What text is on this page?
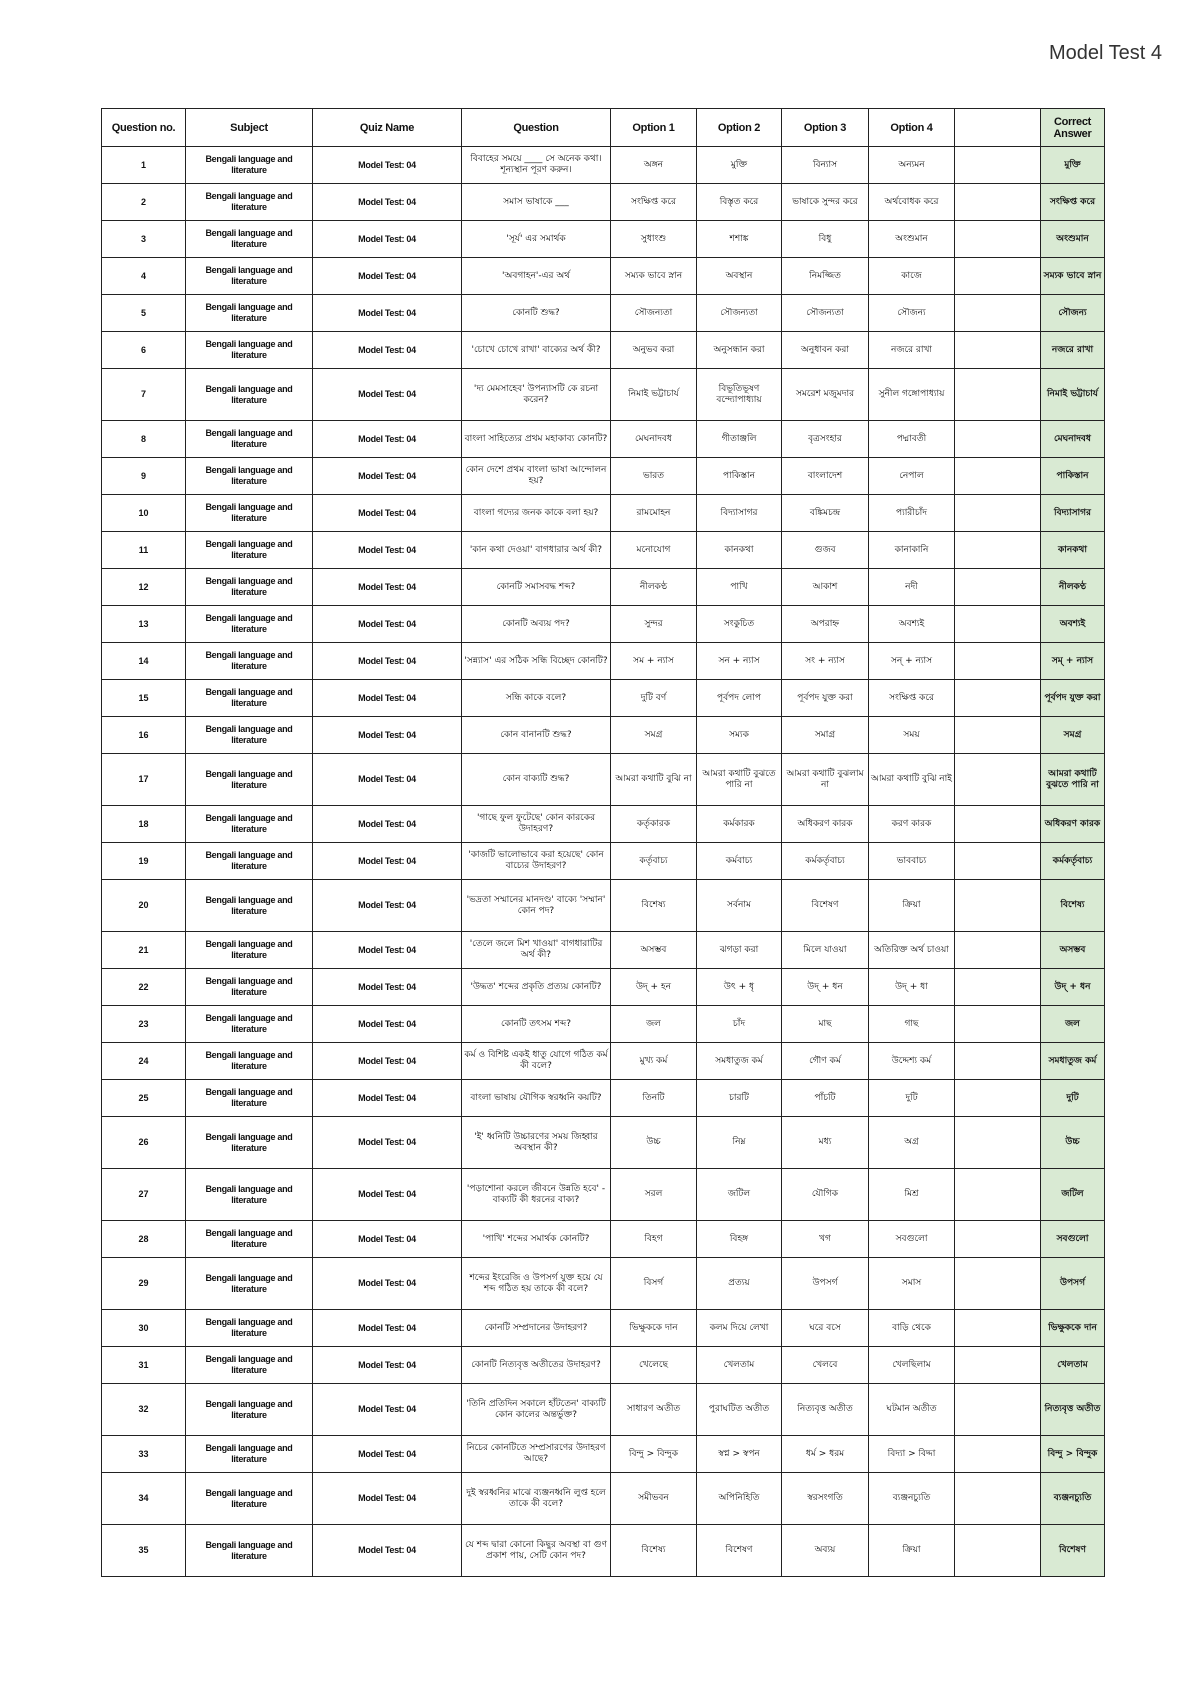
Model Test 4
Question no.	Subject	Quiz Name	Question	Option 1	Option 2	Option 3	Option 4		Correct Answer
1	Bengali language and literature	Model Test: 04	বিবাহের সময়ে ____ সে অনেক কথা। শূন্যস্থান পূরণ করুন।	অঙ্গন	মুক্তি	বিন্যাস	অন্যমন		মুক্তি
2	Bengali language and literature	Model Test: 04	সমাস ভাষাকে ___	সংক্ষিপ্ত করে	বিস্তৃত করে	ভাষাকে সুন্দর করে	অর্থবোধক করে		সংক্ষিপ্ত করে
3	Bengali language and literature	Model Test: 04	'সূর্য' এর সমার্থক	সুধাংশু	শশাঙ্ক	বিধু	অংশুমান		অংশুমান
4	Bengali language and literature	Model Test: 04	'অবগাহন'-এর অর্থ	সম্যক ভাবে স্নান	অবস্থান	নিমজ্জিত	কাজে		সম্যক ভাবে স্নান
5	Bengali language and literature	Model Test: 04	কোনটি শুদ্ধ?	সৌজন্যতা	সৌজন্যতা	সৌজন্যতা	সৌজন্য		সৌজন্য
6	Bengali language and literature	Model Test: 04	'চোখে চোখে রাখা' বাক্যের অর্থ কী?	অনুভব করা	অনুসন্ধান করা	অনুধাবন করা	নজরে রাখা		নজরে রাখা
7	Bengali language and literature	Model Test: 04	'দ্য মেমসাহেব' উপন্যাসটি কে রচনা করেন?	নিমাই ভট্টাচার্য	বিভূতিভূষণ বন্দ্যোপাধ্যায়	সমরেশ মজুমদার	সুনীল গঙ্গোপাধ্যায়		নিমাই ভট্টাচার্য
8	Bengali language and literature	Model Test: 04	বাংলা সাহিত্যের প্রথম মহাকাব্য কোনটি?	মেঘনাদবধ	গীতাঞ্জলি	বৃত্রসংহার	পদ্মাবতী		মেঘনাদবধ
9	Bengali language and literature	Model Test: 04	কোন দেশে প্রথম বাংলা ভাষা আন্দোলন হয়?	ভারত	পাকিস্তান	বাংলাদেশ	নেপাল		পাকিস্তান
10	Bengali language and literature	Model Test: 04	বাংলা গদ্যের জনক কাকে বলা হয়?	রামমোহন	বিদ্যাসাগর	বঙ্কিমচন্দ্র	প্যারীচাঁদ		বিদ্যাসাগর
11	Bengali language and literature	Model Test: 04	'কান কথা দেওয়া' বাগধারার অর্থ কী?	মনোযোগ	কানকথা	গুজব	কানাকানি		কানকথা
12	Bengali language and literature	Model Test: 04	কোনটি সমাসবদ্ধ শব্দ?	নীলকণ্ঠ	পাখি	আকাশ	নদী		নীলকণ্ঠ
13	Bengali language and literature	Model Test: 04	কোনটি অব্যয় পদ?	সুন্দর	সংকুচিত	অপরাহ্ন	অবশ্যই		অবশ্যই
14	Bengali language and literature	Model Test: 04	'সন্ন্যাস' এর সঠিক সন্ধি বিচ্ছেদ কোনটি?	সম + ন্যাস	সন + ন্যাস	সং + ন্যাস	সন্ + ন্যাস		সম্ + ন্যাস
15	Bengali language and literature	Model Test: 04	সন্ধি কাকে বলে?	দুটি বর্ণ	পূর্বপদ লোপ	পূর্বপদ যুক্ত করা	সংক্ষিপ্ত করে		পূর্বপদ যুক্ত করা
16	Bengali language and literature	Model Test: 04	কোন বানানটি শুদ্ধ?	সমগ্র	সম্যক	সমাগ্র	সময়		সমগ্র
17	Bengali language and literature	Model Test: 04	কোন বাক্যটি শুদ্ধ?	আমরা কথাটি বুঝি না	আমরা কথাটি বুঝতে পারি না	আমরা কথাটি বুঝলাম না	আমরা কথাটি বুঝি নাই		আমরা কথাটি বুঝতে পারি না
18	Bengali language and literature	Model Test: 04	'গাছে ফুল ফুটেছে' কোন কারকের উদাহরণ?	কর্তৃকারক	কর্মকারক	অধিকরণ কারক	করণ কারক		অধিকরণ কারক
19	Bengali language and literature	Model Test: 04	'কাজটি ভালোভাবে করা হয়েছে' কোন বাচ্যের উদাহরণ?	কর্তৃবাচ্য	কর্মবাচ্য	কর্মকর্তৃবাচ্য	ভাববাচ্য		কর্মকর্তৃবাচ্য
20	Bengali language and literature	Model Test: 04	'ভদ্রতা সম্মানের মানদণ্ড' বাক্যে 'সম্মান' কোন পদ?	বিশেষ্য	সর্বনাম	বিশেষণ	ক্রিয়া		বিশেষ্য
21	Bengali language and literature	Model Test: 04	'তেলে জলে মিশ খাওয়া' বাগধারাটির অর্থ কী?	অসম্ভব	ঝগড়া করা	মিলে যাওয়া	অতিরিক্ত অর্থ চাওয়া		অসম্ভব
22	Bengali language and literature	Model Test: 04	'উদ্ধত' শব্দের প্রকৃতি প্রত্যয় কোনটি?	উদ্ + হন	উৎ + ধৃ	উদ্ + ধন	উদ্ + ধা		উদ্ + ধন
23	Bengali language and literature	Model Test: 04	কোনটি তৎসম শব্দ?	জল	চাঁদ	মাছ	গাছ		জল
24	Bengali language and literature	Model Test: 04	কর্ম ও বিশিষ্ট একই ধাতু যোগে গঠিত কর্ম কী বলে?	মুখ্য কর্ম	সমধাতুজ কর্ম	গৌণ কর্ম	উদ্দেশ্য কর্ম		সমধাতুজ কর্ম
25	Bengali language and literature	Model Test: 04	বাংলা ভাষায় যৌগিক স্বরধ্বনি কয়টি?	তিনটি	চারটি	পাঁচটি	দুটি		দুটি
26	Bengali language and literature	Model Test: 04	'ই' ধ্বনিটি উচ্চারণের সময় জিহ্বার অবস্থান কী?	উচ্চ	নিম্ন	মধ্য	অগ্র		উচ্চ
27	Bengali language and literature	Model Test: 04	'পড়াশোনা করলে জীবনে উন্নতি হবে' - বাক্যটি কী ধরনের বাক্য?	সরল	জটিল	যৌগিক	মিশ্র		জটিল
28	Bengali language and literature	Model Test: 04	'পাখি' শব্দের সমার্থক কোনটি?	বিহগ	বিহঙ্গ	খগ	সবগুলো		সবগুলো
29	Bengali language and literature	Model Test: 04	শব্দের ইংরেজি ও উপসর্গ যুক্ত হয়ে যে শব্দ গঠিত হয় তাকে কী বলে?	বিসর্গ	প্রত্যয়	উপসর্গ	সমাস		উপসর্গ
30	Bengali language and literature	Model Test: 04	কোনটি সম্প্রদানের উদাহরণ?	ভিক্ষুককে দান	কলম দিয়ে লেখা	ঘরে বসে	বাড়ি থেকে		ভিক্ষুককে দান
31	Bengali language and literature	Model Test: 04	কোনটি নিত্যবৃত্ত অতীতের উদাহরণ?	খেলেছে	খেলতাম	খেলবে	খেলছিলাম		খেলতাম
32	Bengali language and literature	Model Test: 04	'তিনি প্রতিদিন সকালে হাঁটতেন' বাক্যটি কোন কালের অন্তর্ভুক্ত?	সাধারণ অতীত	পুরাঘটিত অতীত	নিত্যবৃত্ত অতীত	ঘটমান অতীত		নিত্যবৃত্ত অতীত
33	Bengali language and literature	Model Test: 04	নিচের কোনটিতে সম্প্রসারণের উদাহরণ আছে?	বিন্দু > বিন্দুক	স্বপ্ন > স্বপন	ধর্ম > ধরম	বিদ্যা > বিদ্দা		বিন্দু > বিন্দুক
34	Bengali language and literature	Model Test: 04	দুই স্বরধ্বনির মাঝে ব্যঞ্জনধ্বনি লুপ্ত হলে তাকে কী বলে?	সমীভবন	অপিনিহিতি	স্বরসংগতি	ব্যঞ্জনচ্যুতি		ব্যঞ্জনচ্যুতি
35	Bengali language and literature	Model Test: 04	যে শব্দ দ্বারা কোনো কিছুর অবস্থা বা গুণ প্রকাশ পায়, সেটি কোন পদ?	বিশেষ্য	বিশেষণ	অব্যয়	ক্রিয়া		বিশেষণ
